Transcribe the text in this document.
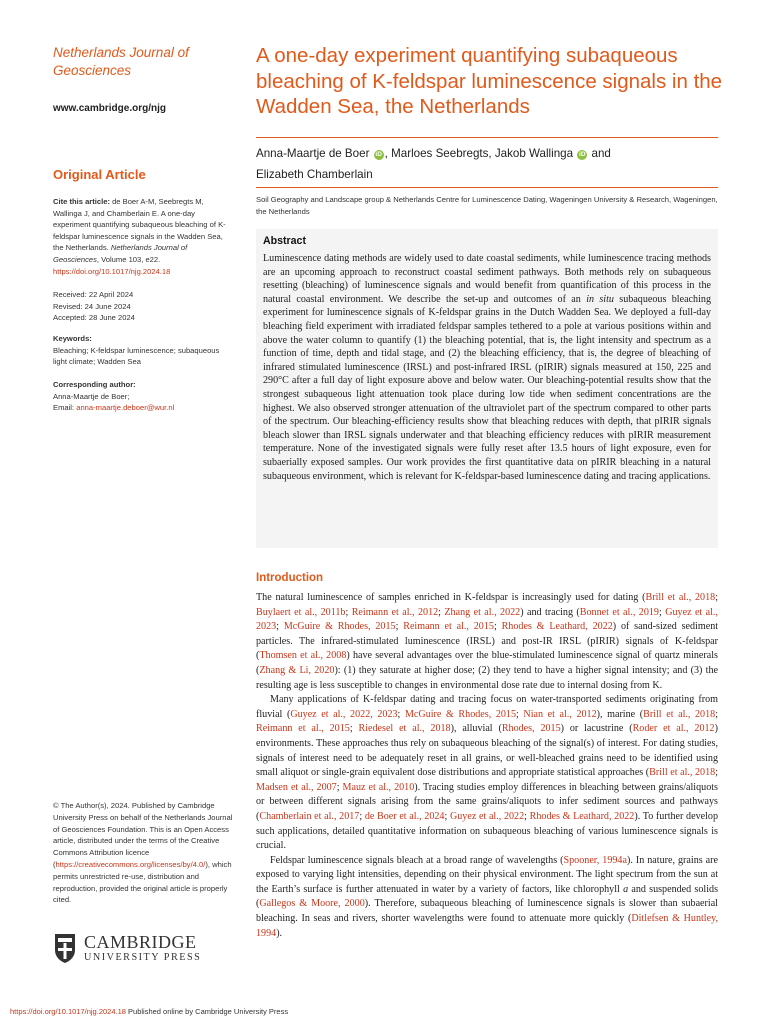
Netherlands Journal of Geosciences
www.cambridge.org/njg
Original Article
Cite this article: de Boer A-M, Seebregts M, Wallinga J, and Chamberlain E. A one-day experiment quantifying subaqueous bleaching of K-feldspar luminescence signals in the Wadden Sea, the Netherlands. Netherlands Journal of Geosciences, Volume 103, e22.
https://doi.org/10.1017/njg.2024.18
Received: 22 April 2024
Revised: 24 June 2024
Accepted: 28 June 2024
Keywords:
Bleaching; K-feldspar luminescence; subaqueous light climate; Wadden Sea
Corresponding author:
Anna-Maartje de Boer;
Email: anna-maartje.deboer@wur.nl
© The Author(s), 2024. Published by Cambridge University Press on behalf of the Netherlands Journal of Geosciences Foundation. This is an Open Access article, distributed under the terms of the Creative Commons Attribution licence (https://creativecommons.org/licenses/by/4.0/), which permits unrestricted re-use, distribution and reproduction, provided the original article is properly cited.
CAMBRIDGE
UNIVERSITY PRESS
A one-day experiment quantifying subaqueous bleaching of K-feldspar luminescence signals in the Wadden Sea, the Netherlands
Anna-Maartje de Boer iD , Marloes Seebregts, Jakob Wallinga iD and
Elizabeth Chamberlain
Soil Geography and Landscape group & Netherlands Centre for Luminescence Dating, Wageningen University & Research, Wageningen, the Netherlands
Abstract

Luminescence dating methods are widely used to date coastal sediments, while luminescence tracing methods are an upcoming approach to reconstruct coastal sediment pathways. Both methods rely on subaqueous resetting (bleaching) of luminescence signals and would benefit from quantification of this process in the natural coastal environment. We describe the set-up and outcomes of an in situ subaqueous bleaching experiment for luminescence signals of K-feldspar grains in the Dutch Wadden Sea. We deployed a full-day bleaching field experiment with irradiated feldspar samples tethered to a pole at various positions within and above the water column to quantify (1) the bleaching potential, that is, the light intensity and spectrum as a function of time, depth and tidal stage, and (2) the bleaching efficiency, that is, the degree of bleaching of infrared stimulated luminescence (IRSL) and post-infrared IRSL (pIRIR) signals measured at 150, 225 and 290°C after a full day of light exposure above and below water. Our bleaching-potential results show that the strongest subaqueous light attenuation took place during low tide when sediment concentrations are the highest. We also observed stronger attenuation of the ultraviolet part of the spectrum compared to other parts of the spectrum. Our bleaching-efficiency results show that bleaching reduces with depth, that pIRIR signals bleach slower than IRSL signals underwater and that bleaching efficiency reduces with pIRIR measurement temperature. None of the investigated signals were fully reset after 13.5 hours of light exposure, even for subaerially exposed samples. Our work provides the first quantitative data on pIRIR bleaching in a natural subaqueous environment, which is relevant for K-feldspar-based luminescence dating and tracing applications.

Introduction

The natural luminescence of samples enriched in K-feldspar is increasingly used for dating (Brill et al., 2018; Buylaert et al., 2011b; Reimann et al., 2012; Zhang et al., 2022) and tracing (Bonnet et al., 2019; Guyez et al., 2023; McGuire & Rhodes, 2015; Reimann et al., 2015; Rhodes & Leathard, 2022) of sand-sized sediment particles. The infrared-stimulated luminescence (IRSL) and post-IR IRSL (pIRIR) signals of K-feldspar (Thomsen et al., 2008) have several advantages over the blue-stimulated luminescence signal of quartz minerals (Zhang & Li, 2020): (1) they saturate at higher dose; (2) they tend to have a higher signal intensity; and (3) the resulting age is less susceptible to changes in environmental dose rate due to internal dosing from K.

Many applications of K-feldspar dating and tracing focus on water-transported sediments originating from fluvial (Guyez et al., 2022, 2023; McGuire & Rhodes, 2015; Nian et al., 2012), marine (Brill et al., 2018; Reimann et al., 2015; Riedesel et al., 2018), alluvial (Rhodes, 2015) or lacustrine (Roder et al., 2012) environments. These approaches thus rely on subaqueous bleaching of the signal(s) of interest. For dating studies, signals of interest need to be adequately reset in all grains, or well-bleached grains need to be identified using small aliquot or single-grain equivalent dose distributions and appropriate statistical approaches (Brill et al., 2018; Madsen et al., 2007; Mauz et al., 2010). Tracing studies employ differences in bleaching between grains/aliquots or between different signals arising from the same grains/aliquots to infer sediment sources and pathways (Chamberlain et al., 2017; de Boer et al., 2024; Guyez et al., 2022; Rhodes & Leathard, 2022). To further develop such applications, detailed quantitative information on subaqueous bleaching of various luminescence signals is crucial.

Feldspar luminescence signals bleach at a broad range of wavelengths (Spooner, 1994a). In nature, grains are exposed to varying light intensities, depending on their physical environment. The light spectrum from the sun at the Earth’s surface is further attenuated in water by a variety of factors, like chlorophyll a and suspended solids (Gallegos & Moore, 2000). Therefore, subaqueous bleaching of luminescence signals is slower than subaerial bleaching. In seas and rivers, shorter wavelengths were found to attenuate more quickly (Ditlefsen & Huntley, 1994).

https://doi.org/10.1017/njg.2024.18 Published online by Cambridge University Press
